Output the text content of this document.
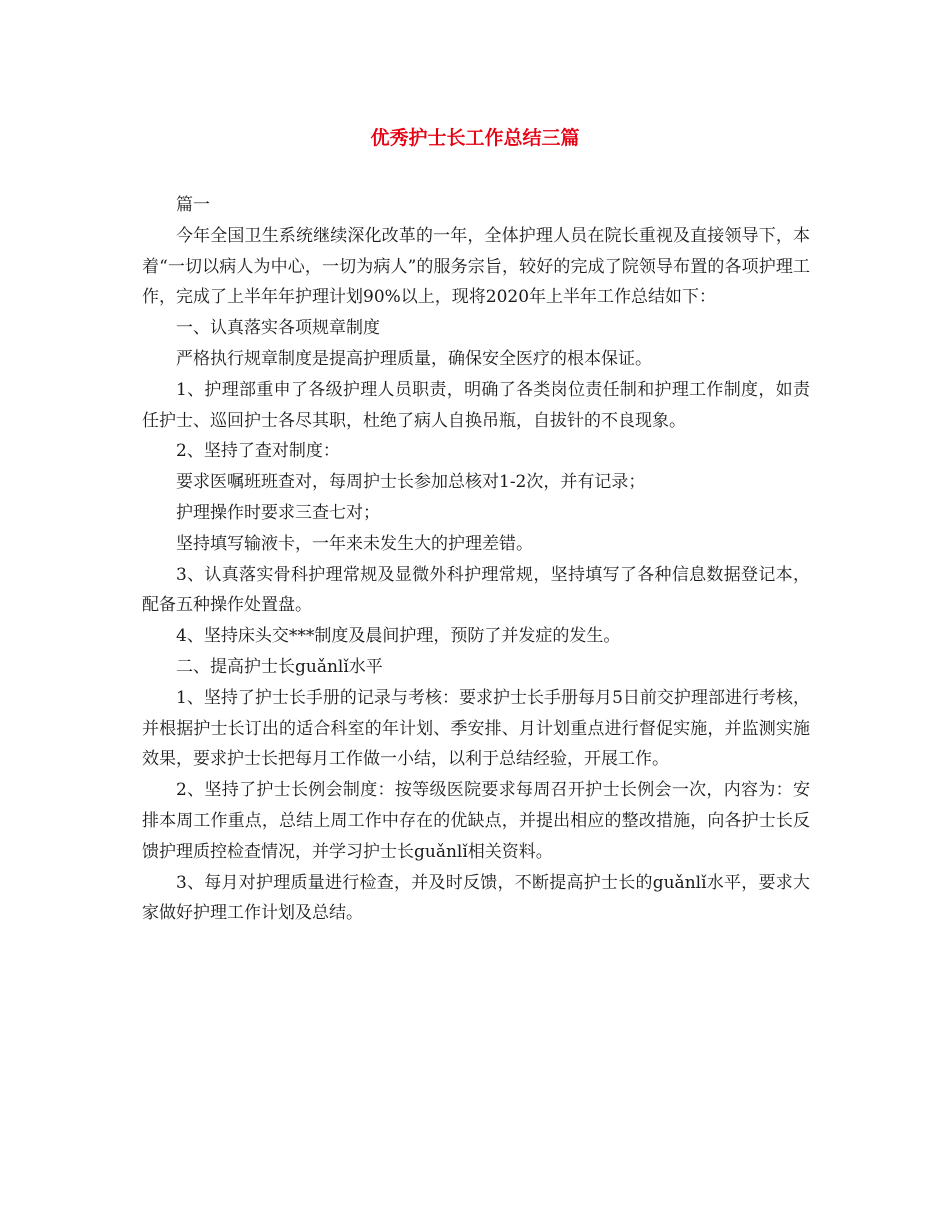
优秀护士长工作总结三篇

篇一

今年全国卫生系统继续深化改革的一年，全体护理人员在院长重视及直接领导下，本着“一切以病人为中心，一切为病人”的服务宗旨，较好的完成了院领导布置的各项护理工作，完成了上半年年护理计划90%以上，现将2020年上半年工作总结如下：

一、认真落实各项规章制度

严格执行规章制度是提高护理质量，确保安全医疗的根本保证。

1、护理部重申了各级护理人员职责，明确了各类岗位责任制和护理工作制度，如责任护士、巡回护士各尽其职，杜绝了病人自换吊瓶，自拔针的不良现象。

2、坚持了查对制度：

要求医嘱班班查对，每周护士长参加总核对1-2次，并有记录；

护理操作时要求三查七对；

坚持填写输液卡，一年来未发生大的护理差错。

3、认真落实骨科护理常规及显微外科护理常规，坚持填写了各种信息数据登记本，配备五种操作处置盘。

4、坚持床头交***制度及晨间护理，预防了并发症的发生。

二、提高护士长guǎnlǐ水平

1、坚持了护士长手册的记录与考核：要求护士长手册每月5日前交护理部进行考核，并根据护士长订出的适合科室的年计划、季安排、月计划重点进行督促实施，并监测实施效果，要求护士长把每月工作做一小结，以利于总结经验，开展工作。

2、坚持了护士长例会制度：按等级医院要求每周召开护士长例会一次，内容为：安排本周工作重点，总结上周工作中存在的优缺点，并提出相应的整改措施，向各护士长反馈护理质控检查情况，并学习护士长guǎnlǐ相关资料。

3、每月对护理质量进行检查，并及时反馈，不断提高护士长的guǎnlǐ水平，要求大家做好护理工作计划及总结。
